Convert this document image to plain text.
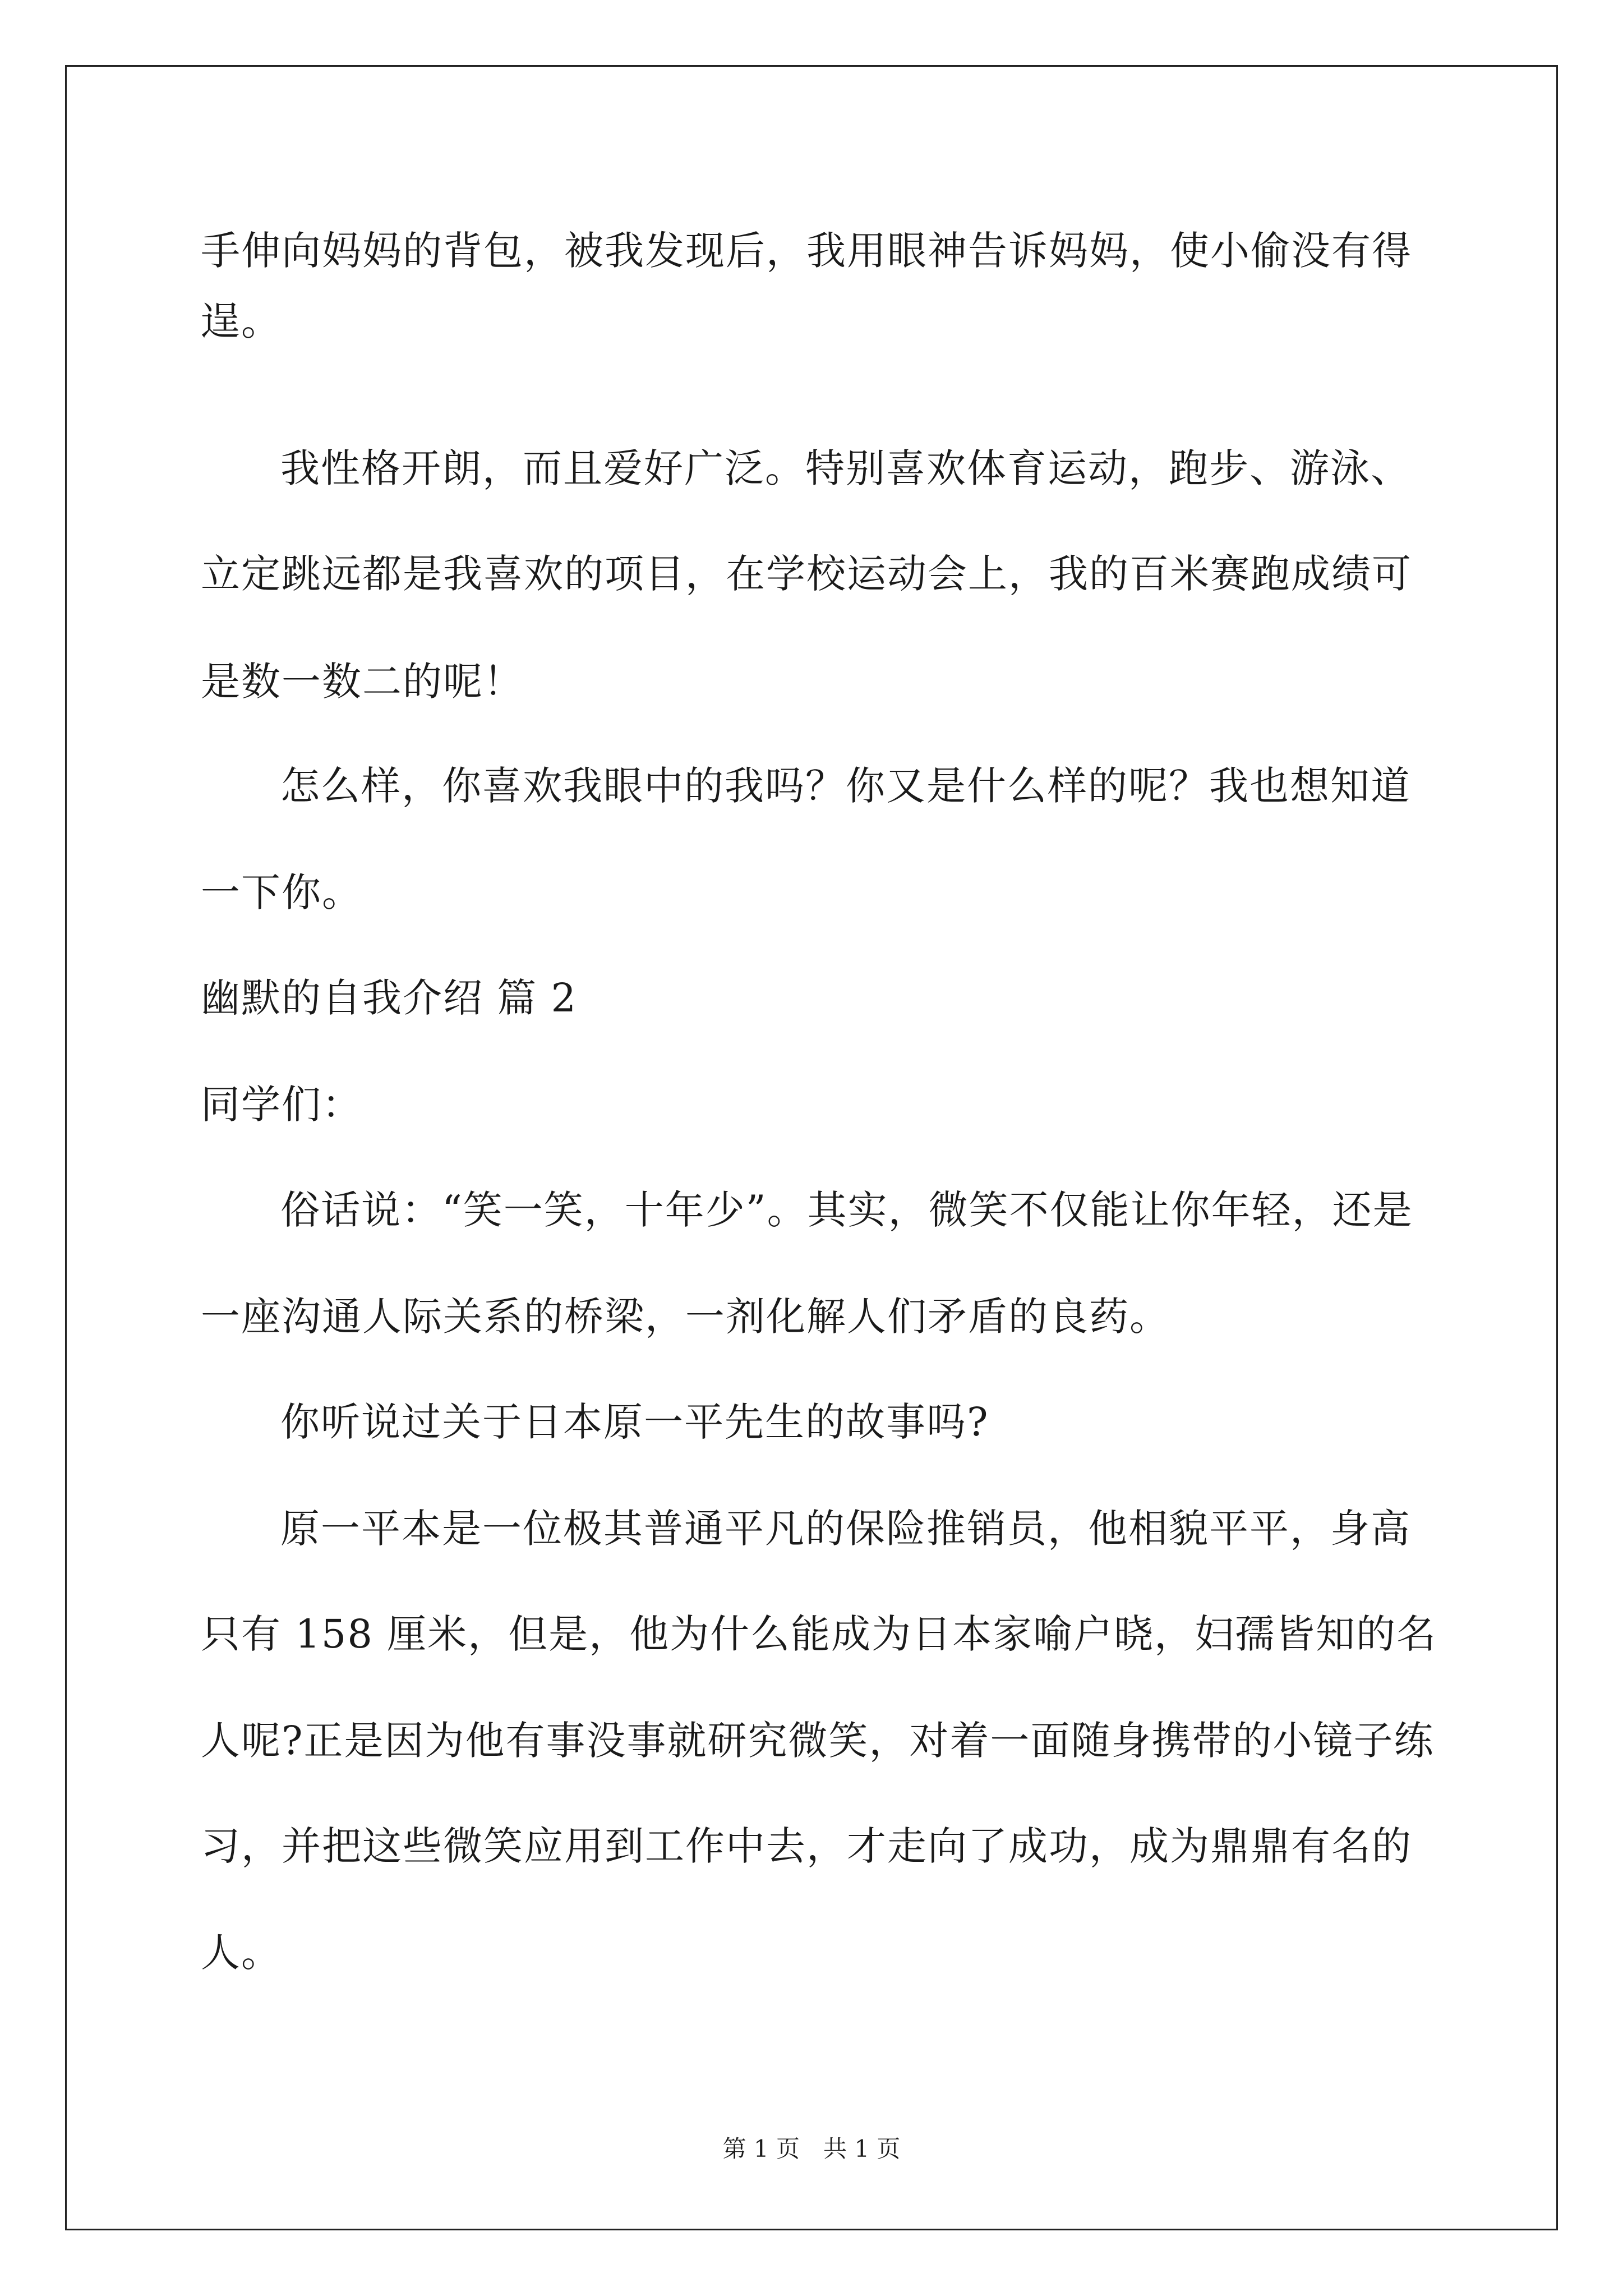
手伸向妈妈的背包，被我发现后，我用眼神告诉妈妈，使小偷没有得
逞。
我性格开朗，而且爱好广泛。特别喜欢体育运动，跑步、游泳、
立定跳远都是我喜欢的项目，在学校运动会上，我的百米赛跑成绩可
是数一数二的呢！
怎么样，你喜欢我眼中的我吗？你又是什么样的呢？我也想知道
一下你。
幽默的自我介绍 篇 2
同学们：
俗话说：“笑一笑，十年少”。其实，微笑不仅能让你年轻，还是
一座沟通人际关系的桥梁，一剂化解人们矛盾的良药。
你听说过关于日本原一平先生的故事吗?
原一平本是一位极其普通平凡的保险推销员，他相貌平平，身高
只有 158 厘米，但是，他为什么能成为日本家喻户晓，妇孺皆知的名
人呢?正是因为他有事没事就研究微笑，对着一面随身携带的小镜子练
习，并把这些微笑应用到工作中去，才走向了成功，成为鼎鼎有名的
人。
第 1 页　共 1 页
